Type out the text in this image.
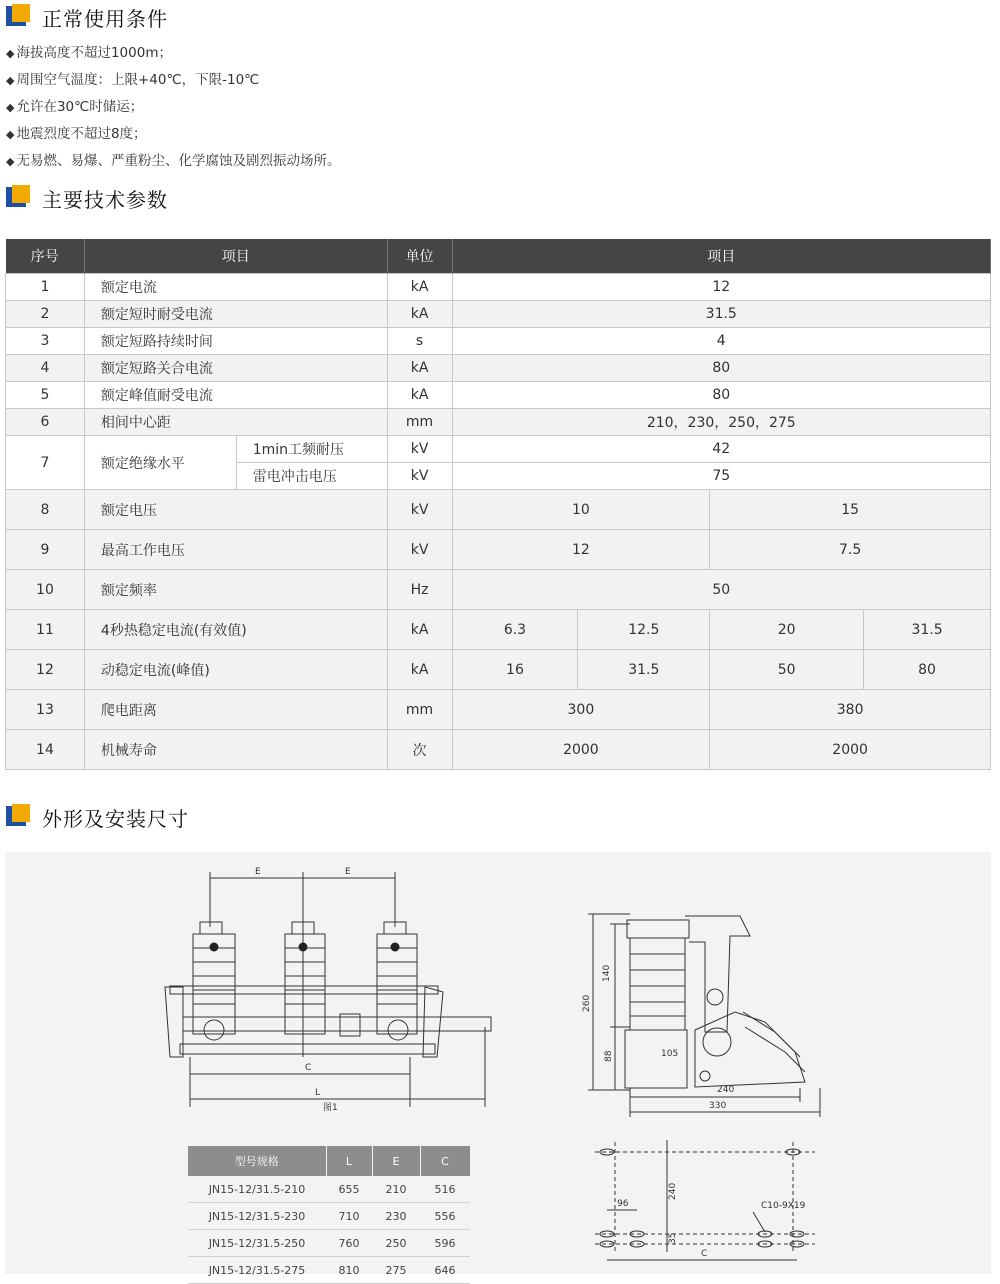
正常使用条件
◆ 海拔高度不超过1000m；
◆ 周围空气温度：上限+40℃，下限-10℃
◆ 允许在30℃时储运；
◆ 地震烈度不超过8度；
◆ 无易燃、易爆、严重粉尘、化学腐蚀及剧烈振动场所。
主要技术参数
序号	项目		单位	项目			
1	额定电流		kA	12			
2	额定短时耐受电流		kA	31.5			
3	额定短路持续时间		s	4			
4	额定短路关合电流		kA	80			
5	额定峰值耐受电流		kA	80			
6	相间中心距		mm	210，230，250，275			
7	额定绝缘水平	1min工频耐压	kV	42			
		雷电冲击电压	kV	75			
8	额定电压		kV	10		15	
9	最高工作电压		kV	12		7.5	
10	额定频率		Hz	50			
11	4秒热稳定电流(有效值)		kA	6.3	12.5	20	31.5
12	动稳定电流(峰值)		kA	16	31.5	50	80
13	爬电距离		mm	300		380	
14	机械寿命		次	2000		2000	
外形及安装尺寸
E	E
C
L
图1
140
260
88	105
240
330
96
240
35
C10-9X19
C
型号规格	L	E	C
JN15-12/31.5-210	655	210	516
JN15-12/31.5-230	710	230	556
JN15-12/31.5-250	760	250	596
JN15-12/31.5-275	810	275	646
